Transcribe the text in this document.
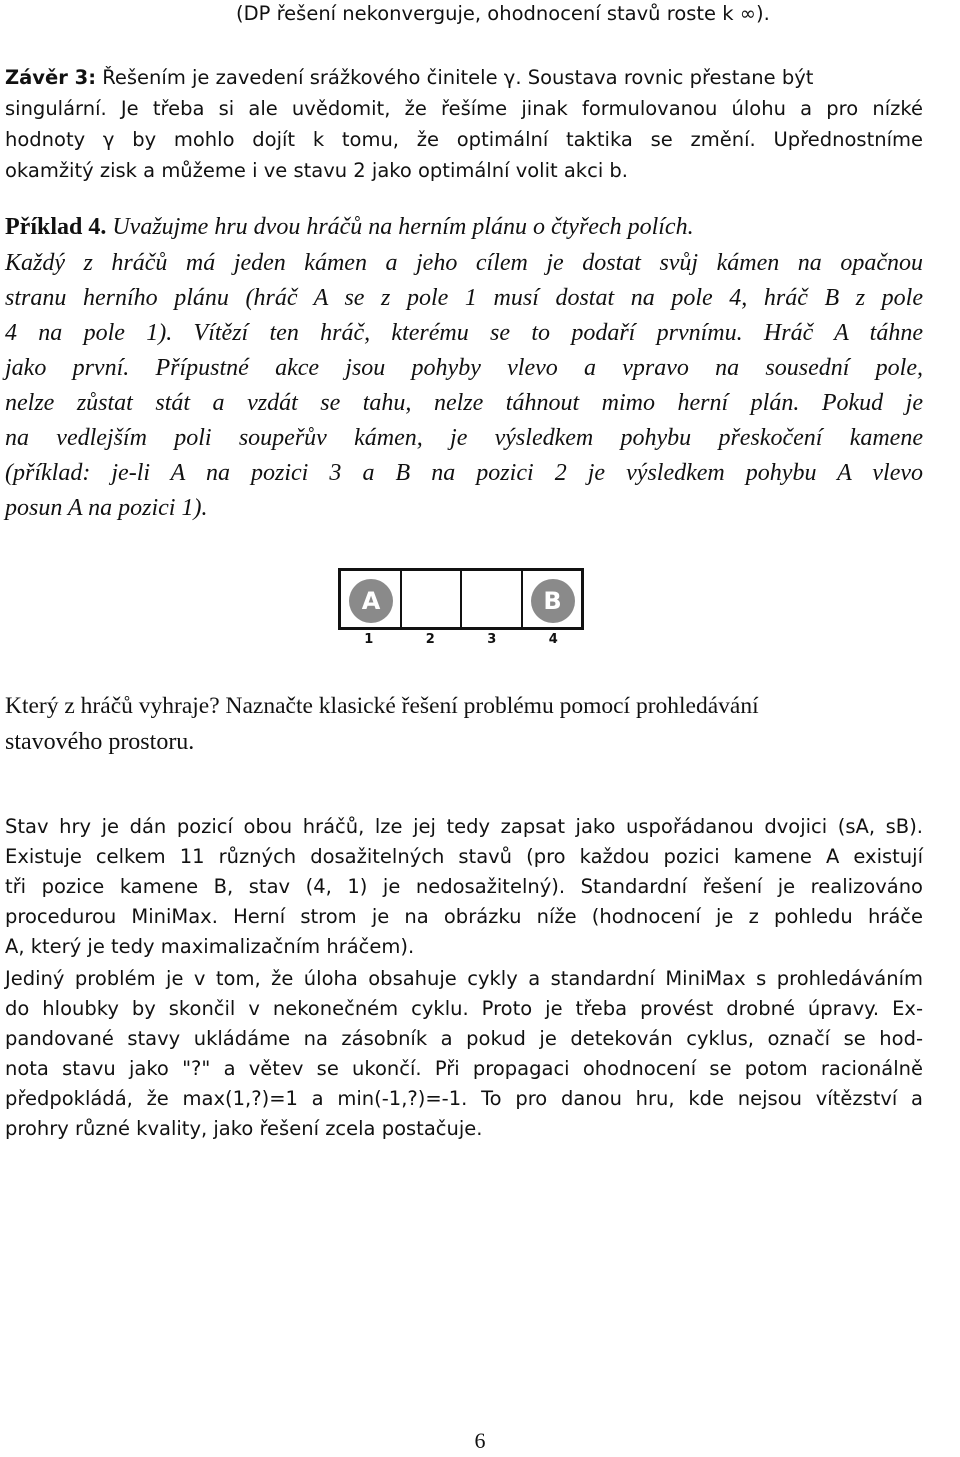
(DP řešení nekonverguje, ohodnocení stavů roste k ∞).
Závěr 3: Řešením je zavedení srážkového činitele γ. Soustava rovnic přestane být
singulární. Je třeba si ale uvědomit, že řešíme jinak formulovanou úlohu a pro nízké
hodnoty γ by mohlo dojít k tomu, že optimální taktika se změní. Upřednostníme
okamžitý zisk a můžeme i ve stavu 2 jako optimální volit akci b.
Příklad 4. Uvažujme hru dvou hráčů na herním plánu o čtyřech polích.
Každý z hráčů má jeden kámen a jeho cílem je dostat svůj kámen na opačnou
stranu herního plánu (hráč A se z pole 1 musí dostat na pole 4, hráč B z pole
4 na pole 1). Vítězí ten hráč, kterému se to podaří prvnímu. Hráč A táhne
jako první. Přípustné akce jsou pohyby vlevo a vpravo na sousední pole,
nelze zůstat stát a vzdát se tahu, nelze táhnout mimo herní plán. Pokud je
na vedlejším poli soupeřův kámen, je výsledkem pohybu přeskočení kamene
(příklad: je-li A na pozici 3 a B na pozici 2 je výsledkem pohybu A vlevo
posun A na pozici 1).
A	B
1	2	3	4
Který z hráčů vyhraje? Naznačte klasické řešení problému pomocí prohledávání
stavového prostoru.
Stav hry je dán pozicí obou hráčů, lze jej tedy zapsat jako uspořádanou dvojici (sA, sB).
Existuje celkem 11 různých dosažitelných stavů (pro každou pozici kamene A existují
tři pozice kamene B, stav (4, 1) je nedosažitelný). Standardní řešení je realizováno
procedurou MiniMax. Herní strom je na obrázku níže (hodnocení je z pohledu hráče
A, který je tedy maximalizačním hráčem).
Jediný problém je v tom, že úloha obsahuje cykly a standardní MiniMax s prohledáváním
do hloubky by skončil v nekonečném cyklu. Proto je třeba provést drobné úpravy. Ex-
pandované stavy ukládáme na zásobník a pokud je detekován cyklus, označí se hod-
nota stavu jako "?" a větev se ukončí. Při propagaci ohodnocení se potom racionálně
předpokládá, že max(1,?)=1 a min(-1,?)=-1. To pro danou hru, kde nejsou vítězství a
prohry různé kvality, jako řešení zcela postačuje.
6
